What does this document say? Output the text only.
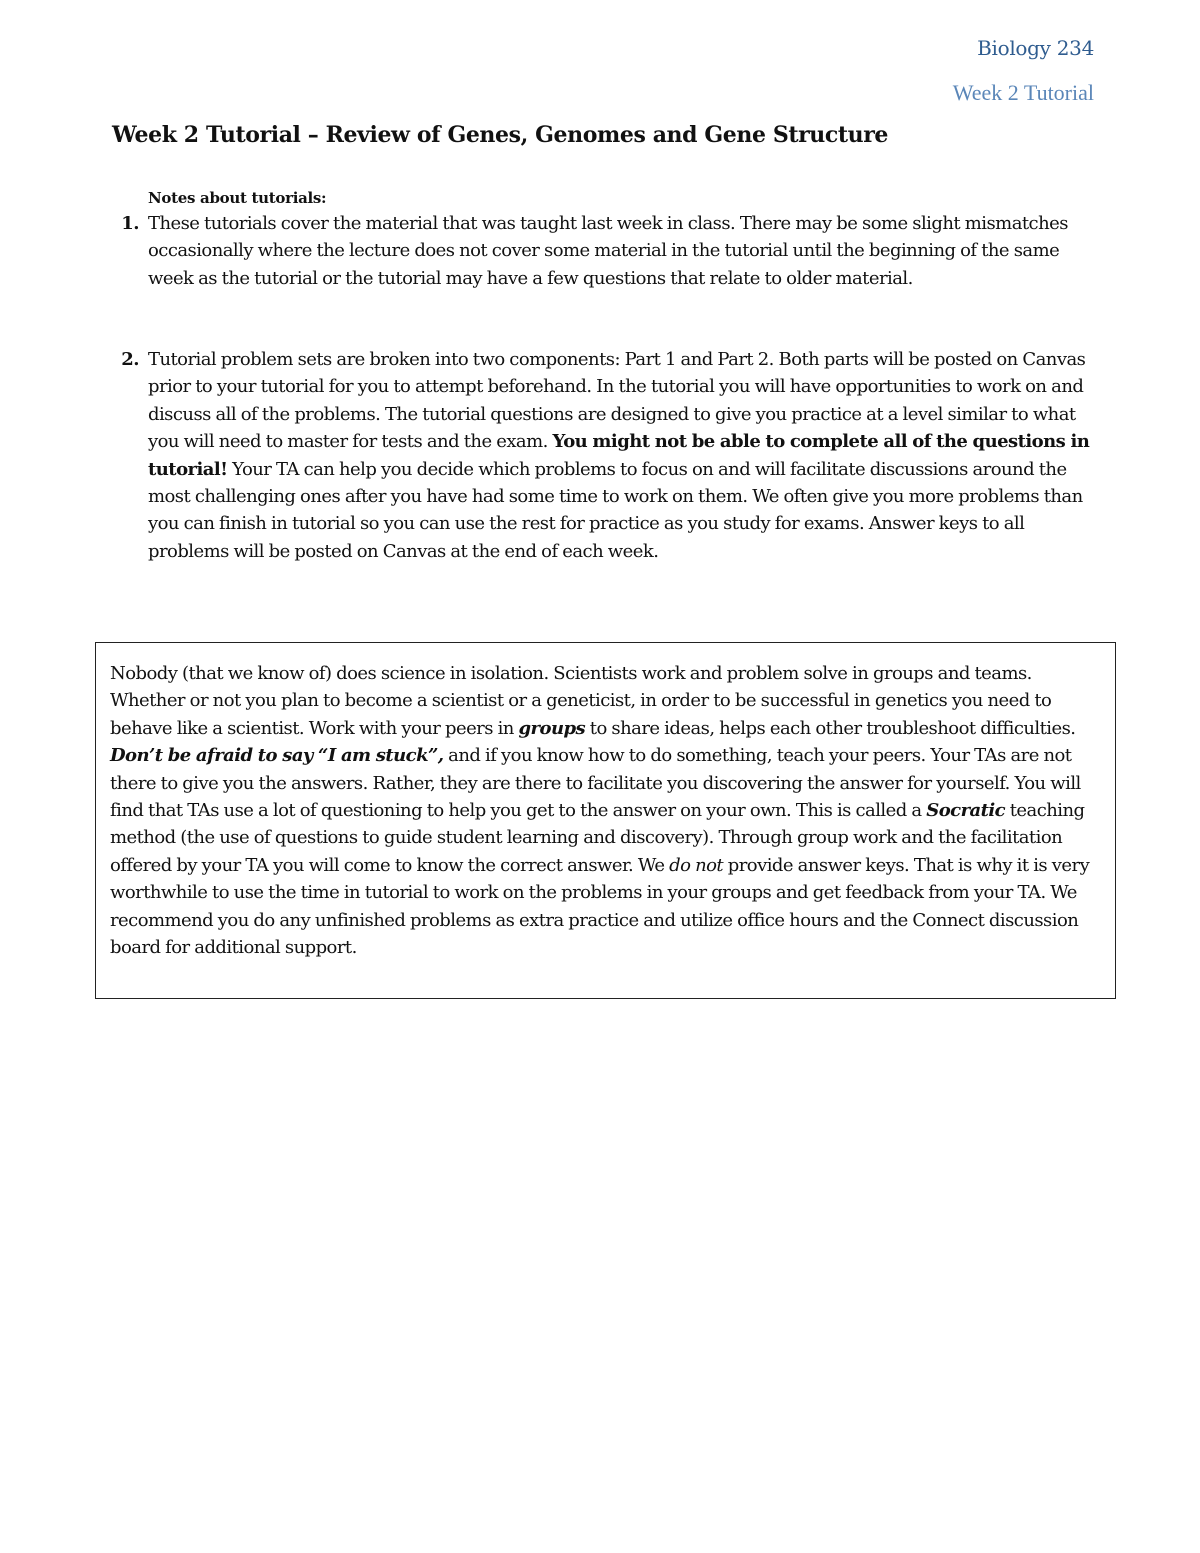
Biology 234
Week 2 Tutorial
Week 2 Tutorial – Review of Genes, Genomes and Gene Structure
Notes about tutorials:
1. These tutorials cover the material that was taught last week in class. There may be some slight mismatches occasionally where the lecture does not cover some material in the tutorial until the beginning of the same week as the tutorial or the tutorial may have a few questions that relate to older material.
2. Tutorial problem sets are broken into two components: Part 1 and Part 2. Both parts will be posted on Canvas prior to your tutorial for you to attempt beforehand. In the tutorial you will have opportunities to work on and discuss all of the problems. The tutorial questions are designed to give you practice at a level similar to what you will need to master for tests and the exam. You might not be able to complete all of the questions in tutorial! Your TA can help you decide which problems to focus on and will facilitate discussions around the most challenging ones after you have had some time to work on them. We often give you more problems than you can finish in tutorial so you can use the rest for practice as you study for exams. Answer keys to all problems will be posted on Canvas at the end of each week.

Nobody (that we know of) does science in isolation. Scientists work and problem solve in groups and teams. Whether or not you plan to become a scientist or a geneticist, in order to be successful in genetics you need to behave like a scientist. Work with your peers in groups to share ideas, helps each other troubleshoot difficulties. Don’t be afraid to say “I am stuck”, and if you know how to do something, teach your peers. Your TAs are not there to give you the answers. Rather, they are there to facilitate you discovering the answer for yourself. You will find that TAs use a lot of questioning to help you get to the answer on your own. This is called a Socratic teaching method (the use of questions to guide student learning and discovery). Through group work and the facilitation offered by your TA you will come to know the correct answer. We do not provide answer keys. That is why it is very worthwhile to use the time in tutorial to work on the problems in your groups and get feedback from your TA. We recommend you do any unfinished problems as extra practice and utilize office hours and the Connect discussion board for additional support.
